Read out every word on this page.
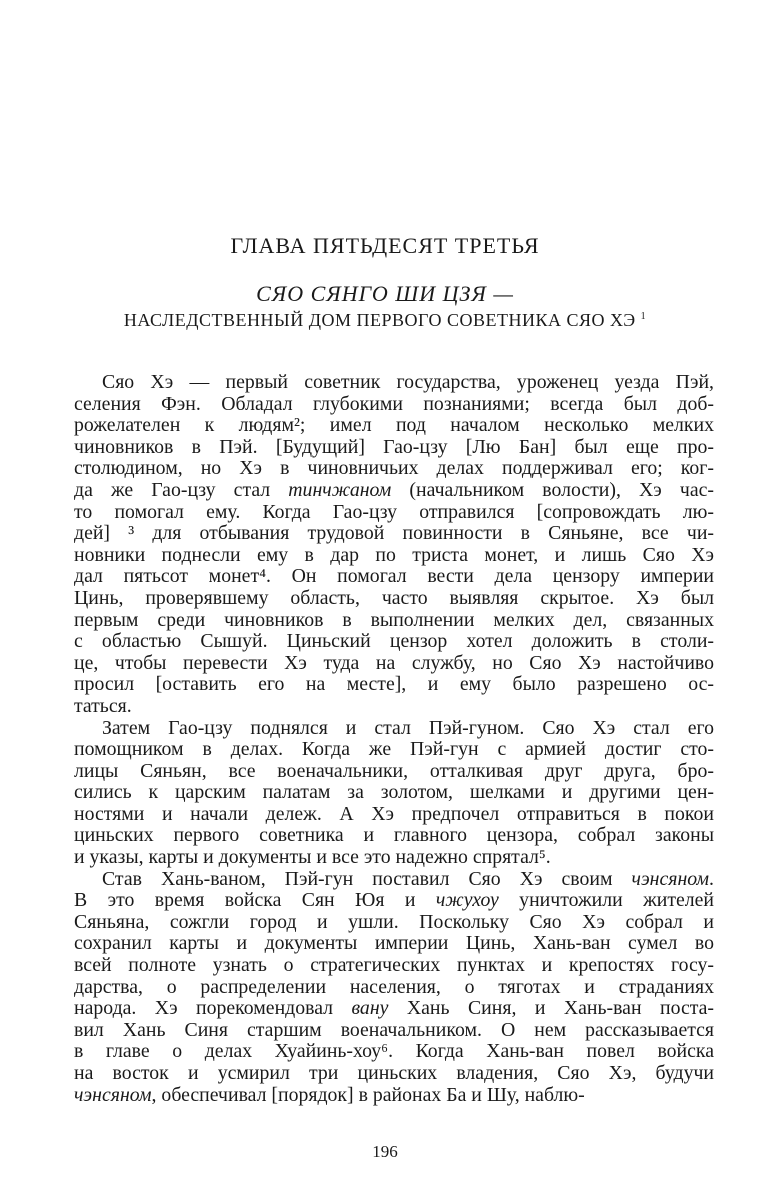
ГЛАВА ПЯТЬДЕСЯТ ТРЕТЬЯ
СЯО СЯНГО ШИ ЦЗЯ —
НАСЛЕДСТВЕННЫЙ ДОМ ПЕРВОГО СОВЕТНИКА СЯО ХЭ $^1$
Сяо Хэ — первый советник государства, уроженец уезда Пэй,
селения Фэн. Обладал глубокими познаниями; всегда был доб-
рожелателен к людям²; имел под началом несколько мелких
чиновников в Пэй. [Будущий] Гао-цзу [Лю Бан] был еще про-
столюдином, но Хэ в чиновничьих делах поддерживал его; ког-
да же Гао-цзу стал тинчжаном (начальником волости), Хэ час-
то помогал ему. Когда Гао-цзу отправился [сопровождать лю-
дей] ³ для отбывания трудовой повинности в Сяньяне, все чи-
новники поднесли ему в дар по триста монет, и лишь Сяо Хэ
дал пятьсот монет⁴. Он помогал вести дела цензору империи
Цинь, проверявшему область, часто выявляя скрытое. Хэ был
первым среди чиновников в выполнении мелких дел, связанных
с областью Сышуй. Циньский цензор хотел доложить в столи-
це, чтобы перевести Хэ туда на службу, но Сяо Хэ настойчиво
просил [оставить его на месте], и ему было разрешено ос-
таться.
Затем Гао-цзу поднялся и стал Пэй-гуном. Сяо Хэ стал его
помощником в делах. Когда же Пэй-гун с армией достиг сто-
лицы Сяньян, все военачальники, отталкивая друг друга, бро-
сились к царским палатам за золотом, шелками и другими цен-
ностями и начали дележ. А Хэ предпочел отправиться в покои
циньских первого советника и главного цензора, собрал законы
и указы, карты и документы и все это надежно спрятал⁵.
Став Хань-ваном, Пэй-гун поставил Сяо Хэ своим чэнсяном.
В это время войска Сян Юя и чжухоу уничтожили жителей
Сяньяна, сожгли город и ушли. Поскольку Сяо Хэ собрал и
сохранил карты и документы империи Цинь, Хань-ван сумел во
всей полноте узнать о стратегических пунктах и крепостях госу-
дарства, о распределении населения, о тяготах и страданиях
народа. Хэ порекомендовал вану Хань Синя, и Хань-ван поста-
вил Хань Синя старшим военачальником. О нем рассказывается
в главе о делах Хуайинь-хоу⁶. Когда Хань-ван повел войска
на восток и усмирил три циньских владения, Сяо Хэ, будучи
чэнсяном, обеспечивал [порядок] в районах Ба и Шу, наблю-
196
